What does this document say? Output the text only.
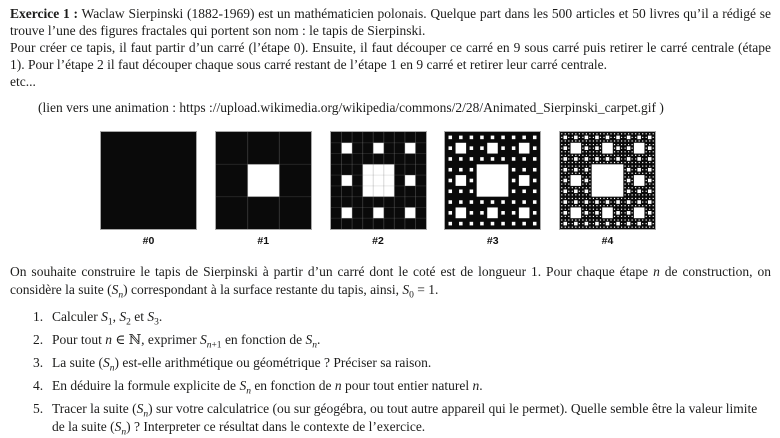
Exercice 1 : Waclaw Sierpinski (1882-1969) est un mathématicien polonais. Quelque part dans les 500 articles et 50 livres qu’il a rédigé se trouve l’une des figures fractales qui portent son nom : le tapis de Sierpinski.

Pour créer ce tapis, il faut partir d’un carré (l’étape 0). Ensuite, il faut découper ce carré en 9 sous carré puis retirer le carré centrale (étape 1). Pour l’étape 2 il faut découper chaque sous carré restant de l’étape 1 en 9 carré et retirer leur carré centrale.

etc...

(lien vers une animation : https ://upload.wikimedia.org/wikipedia/commons/2/28/Animated_Sierpinski_carpet.gif )

#0	#1	#2	#3	#4

On souhaite construire le tapis de Sierpinski à partir d’un carré dont le coté est de longueur 1. Pour chaque étape n de construction, on considère la suite $(S_n)$ correspondant à la surface restante du tapis, ainsi, $S_0 = 1$.

1. Calculer $S_1$, $S_2$ et $S_3$.
2. Pour tout n ∈ ℕ, exprimer $S_{n+1}$ en fonction de $S_n$.
3. La suite $(S_n)$ est-elle arithmétique ou géométrique ? Préciser sa raison.
4. En déduire la formule explicite de $S_n$ en fonction de n pour tout entier naturel n.
5. Tracer la suite $(S_n)$ sur votre calculatrice (ou sur géogébra, ou tout autre appareil qui le permet). Quelle semble être la valeur limite de la suite $(S_n)$ ? Interpreter ce résultat dans le contexte de l’exercice.
